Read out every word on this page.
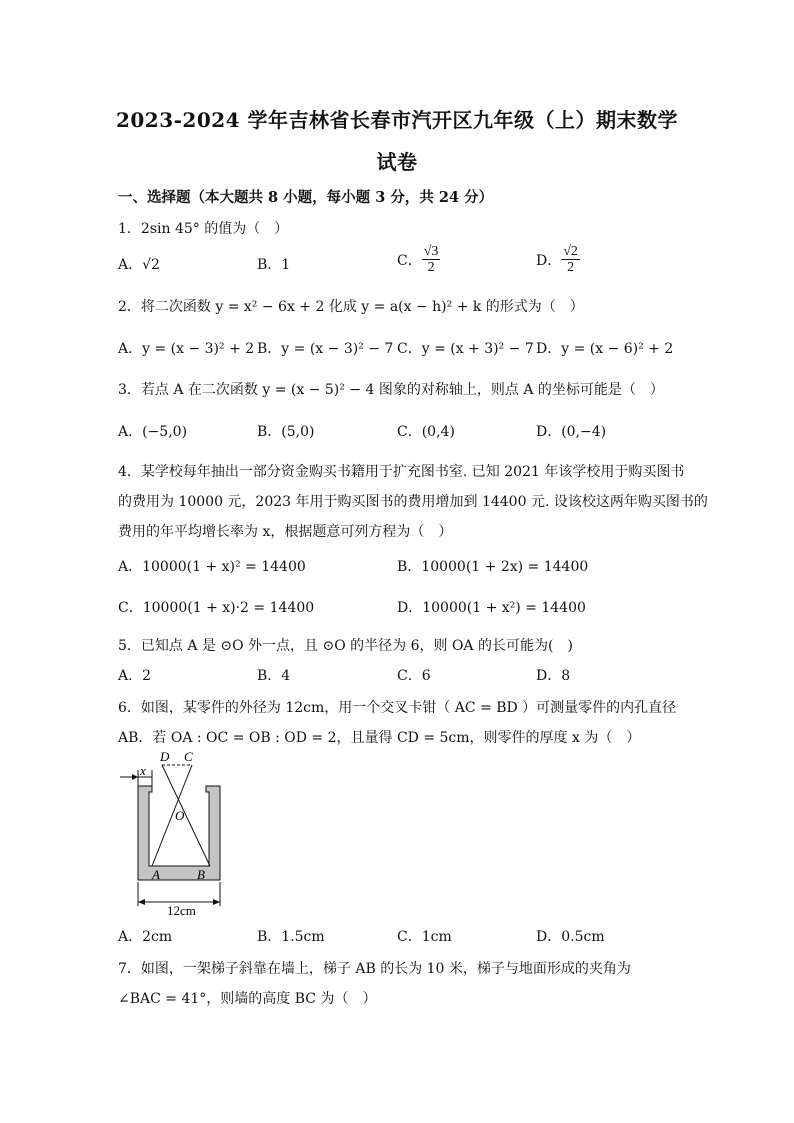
2023-2024 学年吉林省长春市汽开区九年级（上）期末数学
试卷
一、选择题（本大题共 8 小题，每小题 3 分，共 24 分）
1．2sin 45° 的值为（　）
A．√2	B．1	C． $\frac{√3}{2}$	D． $\frac{√2}{2}$
2．将二次函数 y = x² − 6x + 2 化成 y = a(x − h)² + k 的形式为（　）
A．y = (x − 3)² + 2 B．y = (x − 3)² − 7 C．y = (x + 3)² − 7 D．y = (x − 6)² + 2
3．若点 A 在二次函数 y = (x − 5)² − 4 图象的对称轴上，则点 A 的坐标可能是（　）
A．(−5,0)	B．(5,0)	C．(0,4)	D．(0,−4)
4．某学校每年抽出一部分资金购买书籍用于扩充图书室. 已知 2021 年该学校用于购买图书
的费用为 10000 元，2023 年用于购买图书的费用增加到 14400 元. 设该校这两年购买图书的
费用的年平均增长率为 x，根据题意可列方程为（　）
A．10000(1 + x)² = 14400	B．10000(1 + 2x) = 14400
C．10000(1 + x)·2 = 14400	D．10000(1 + x²) = 14400
5．已知点 A 是 ⊙O 外一点，且 ⊙O 的半径为 6，则 OA 的长可能为(　)
A．2	B．4	C．6	D．8
6．如图，某零件的外径为 12cm，用一个交叉卡钳（ AC = BD ）可测量零件的内孔直径
AB．若 OA : OC = OB : OD = 2，且量得 CD = 5cm，则零件的厚度 x 为（　）
D C
x
O
A	B
12cm
A．2cm	B．1.5cm	C．1cm	D．0.5cm
7．如图，一架梯子斜靠在墙上，梯子 AB 的长为 10 米，梯子与地面形成的夹角为
∠BAC = 41°，则墙的高度 BC 为（　）
